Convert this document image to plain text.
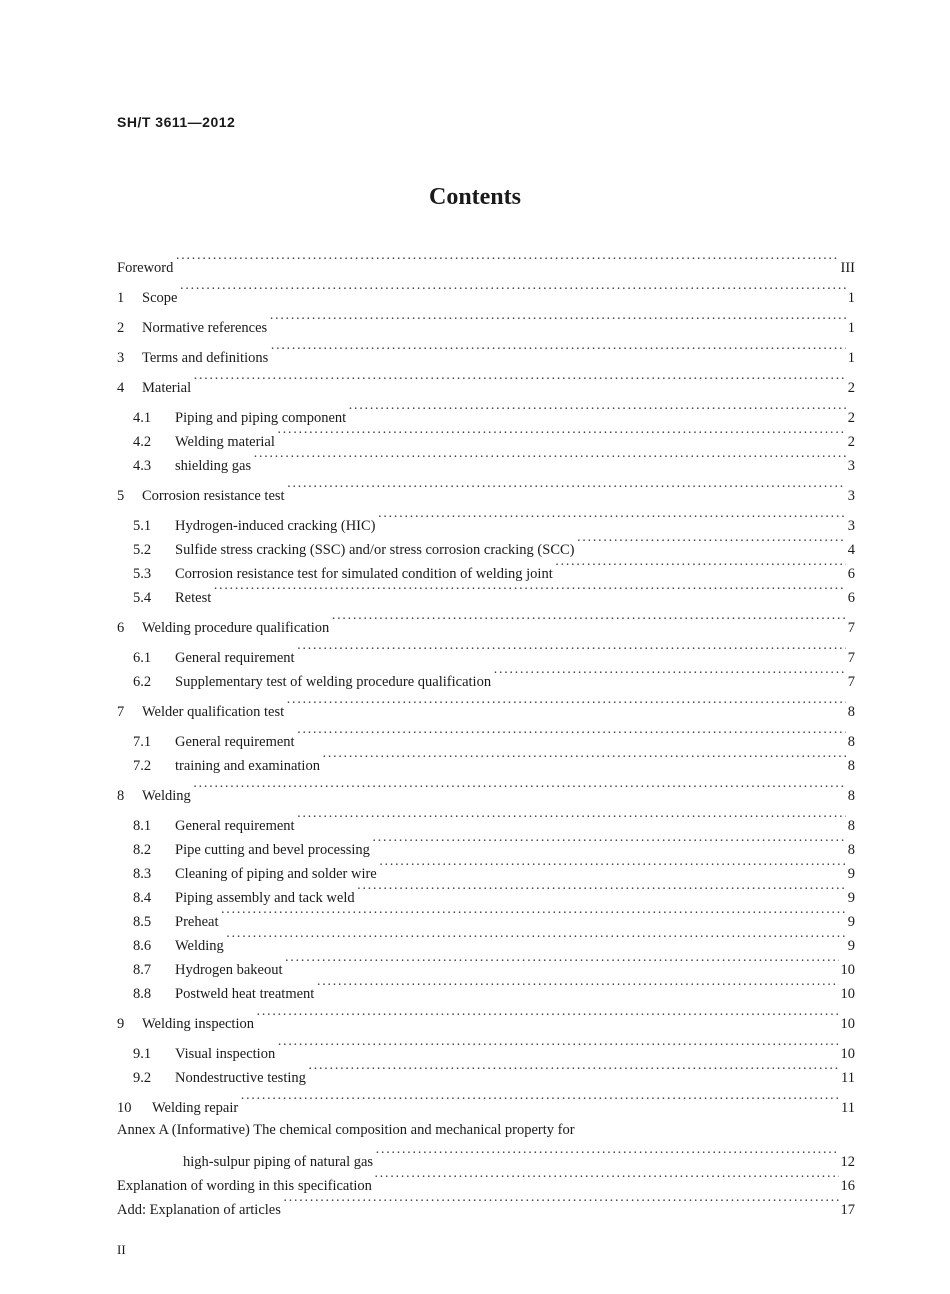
SH/T 3611—2012
Contents
Foreword ·····	III
1	Scope ·····	1
2	Normative references ·····	1
3	Terms and definitions ·····	1
4	Material ·····	2
4.1	Piping and piping component ·····	2
4.2	Welding material ·····	2
4.3	shielding gas ·····	3
5	Corrosion resistance test ·····	3
5.1	Hydrogen-induced cracking (HIC) ·····	3
5.2	Sulfide stress cracking (SSC) and/or stress corrosion cracking (SCC) ·····	4
5.3	Corrosion resistance test for simulated condition of welding joint ·····	6
5.4	Retest ·····	6
6	Welding procedure qualification ·····	7
6.1	General requirement ·····	7
6.2	Supplementary test of welding procedure qualification ·····	7
7	Welder qualification test ·····	8
7.1	General requirement ·····	8
7.2	training and examination ·····	8
8	Welding ·····	8
8.1	General requirement ·····	8
8.2	Pipe cutting and bevel processing ·····	8
8.3	Cleaning of piping and solder wire ·····	9
8.4	Piping assembly and tack weld ·····	9
8.5	Preheat ·····	9
8.6	Welding ·····	9
8.7	Hydrogen bakeout ·····	10
8.8	Postweld heat treatment ·····	10
9	Welding inspection ·····	10
9.1	Visual inspection ·····	10
9.2	Nondestructive testing ·····	11
10	Welding repair ·····	11
Annex A (Informative) The chemical composition and mechanical property for
high-sulpur piping of natural gas ·····	12
Explanation of wording in this specification ·····	16
Add: Explanation of articles ·····	17
II
